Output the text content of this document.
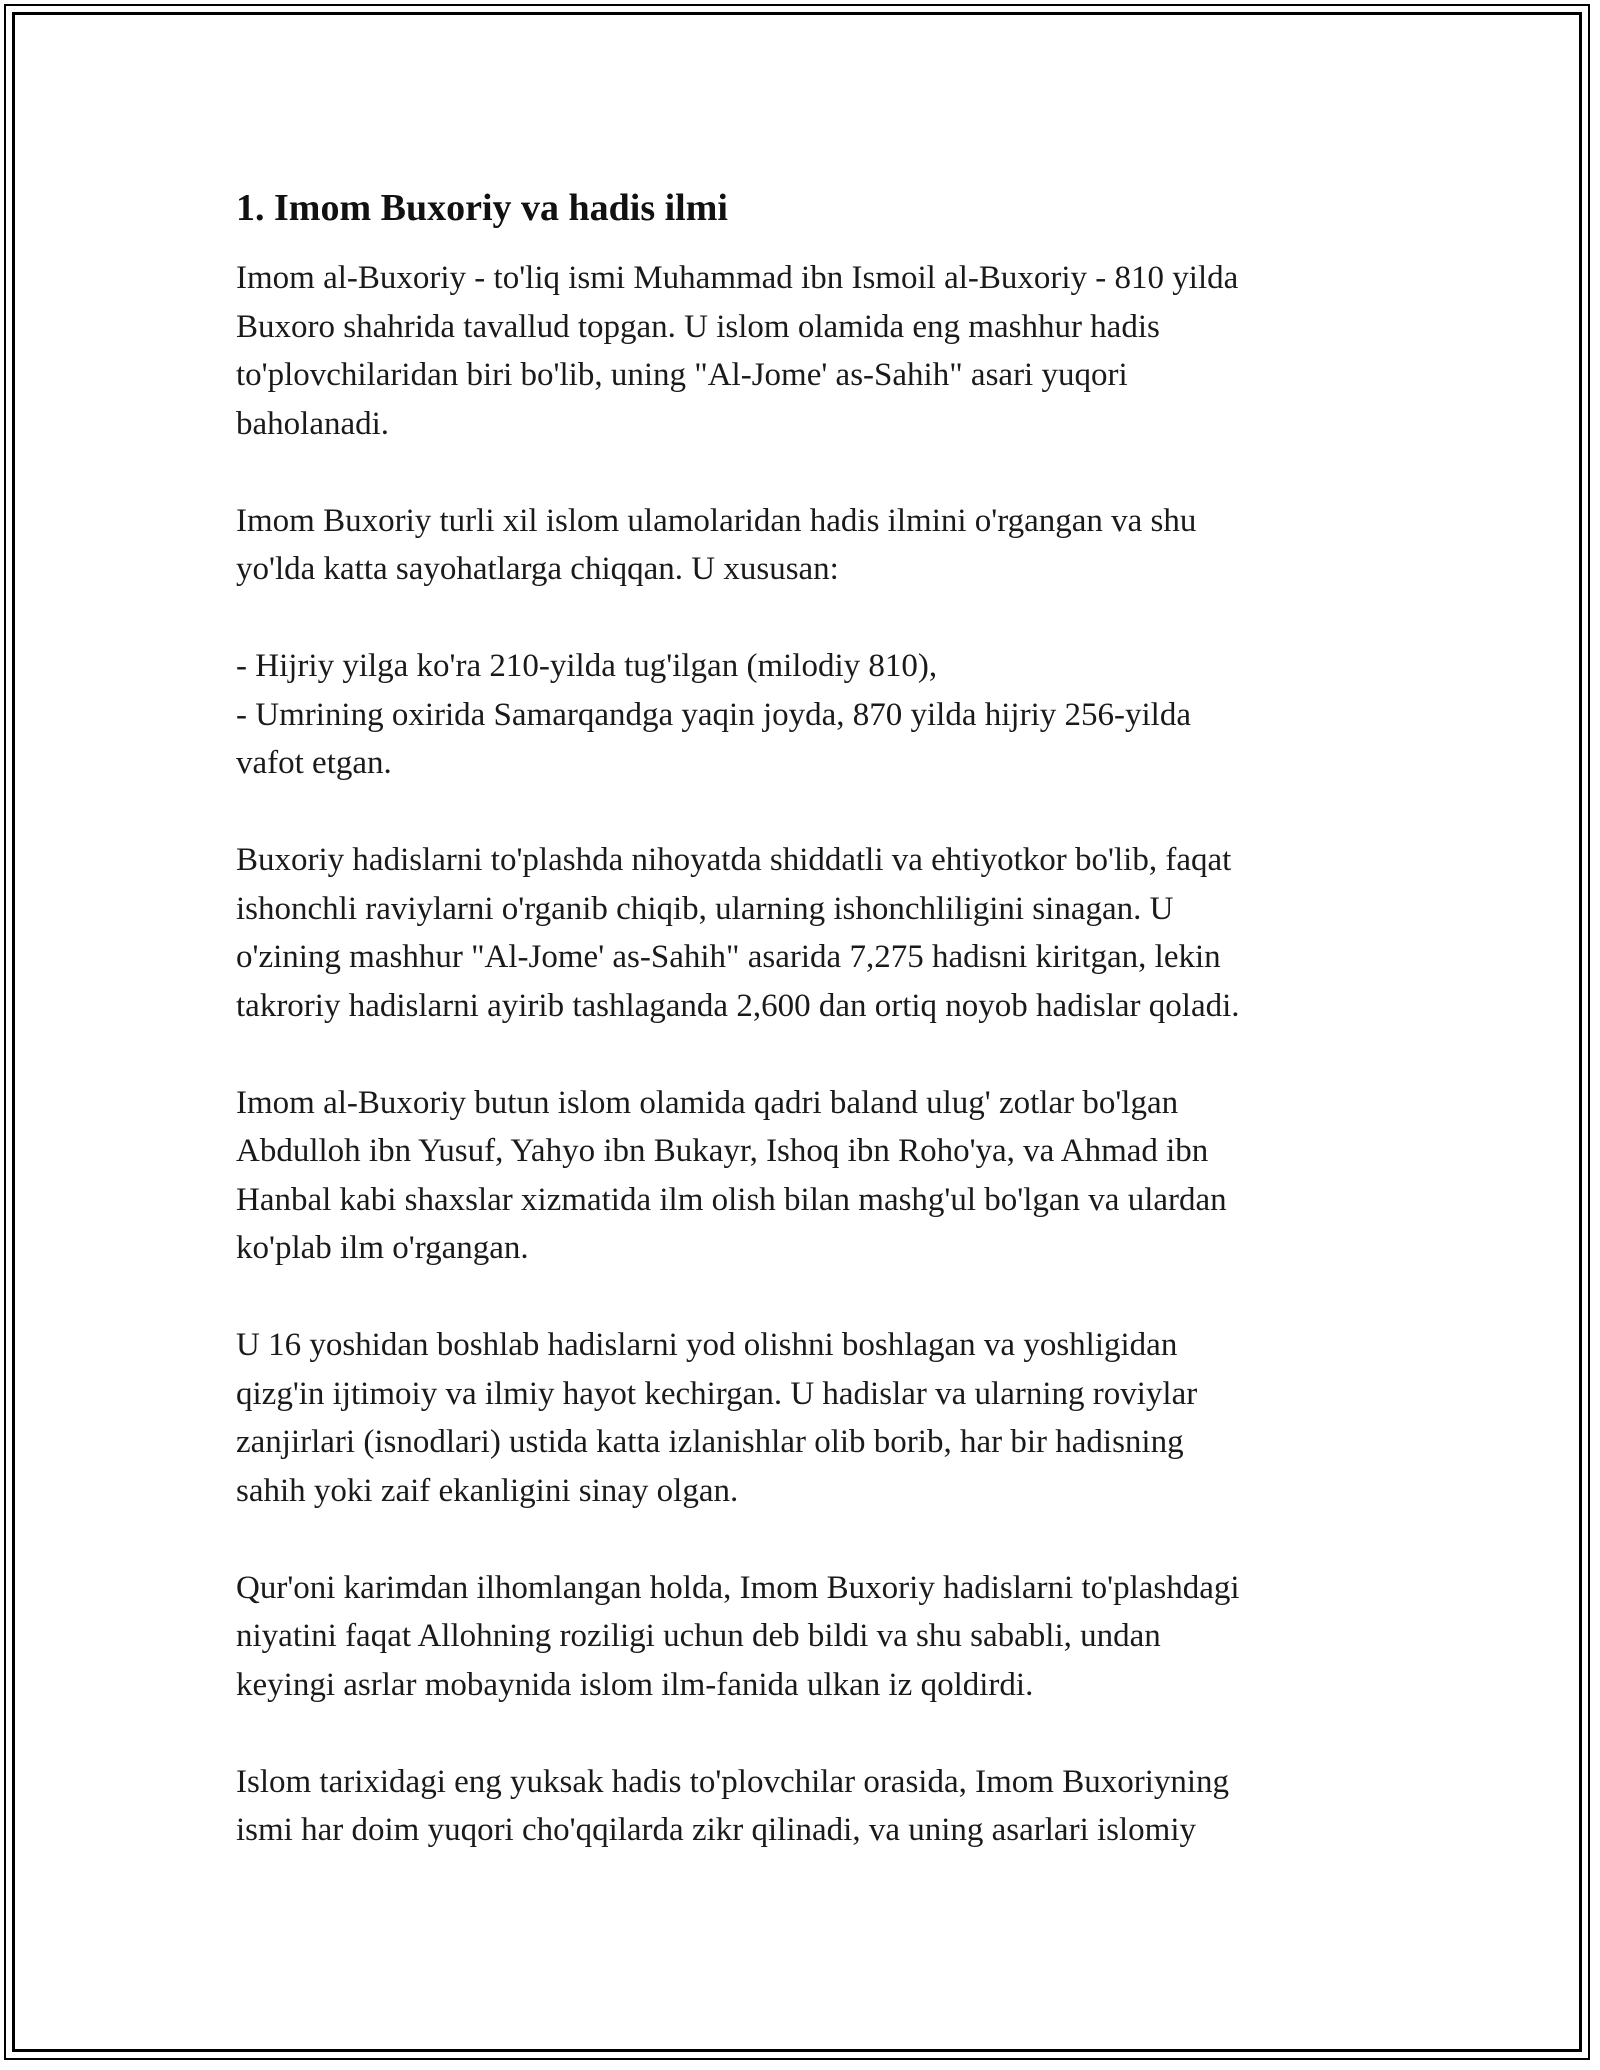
1. Imom Buxoriy va hadis ilmi

Imom al-Buxoriy - to'liq ismi Muhammad ibn Ismoil al-Buxoriy - 810 yilda
Buxoro shahrida tavallud topgan. U islom olamida eng mashhur hadis
to'plovchilaridan biri bo'lib, uning "Al-Jome' as-Sahih" asari yuqori
baholanadi.

Imom Buxoriy turli xil islom ulamolaridan hadis ilmini o'rgangan va shu
yo'lda katta sayohatlarga chiqqan. U xususan:

- Hijriy yilga ko'ra 210-yilda tug'ilgan (milodiy 810),
- Umrining oxirida Samarqandga yaqin joyda, 870 yilda hijriy 256-yilda
vafot etgan.

Buxoriy hadislarni to'plashda nihoyatda shiddatli va ehtiyotkor bo'lib, faqat
ishonchli raviylarni o'rganib chiqib, ularning ishonchliligini sinagan. U
o'zining mashhur "Al-Jome' as-Sahih" asarida 7,275 hadisni kiritgan, lekin
takroriy hadislarni ayirib tashlaganda 2,600 dan ortiq noyob hadislar qoladi.

Imom al-Buxoriy butun islom olamida qadri baland ulug' zotlar bo'lgan
Abdulloh ibn Yusuf, Yahyo ibn Bukayr, Ishoq ibn Roho'ya, va Ahmad ibn
Hanbal kabi shaxslar xizmatida ilm olish bilan mashg'ul bo'lgan va ulardan
ko'plab ilm o'rgangan.

U 16 yoshidan boshlab hadislarni yod olishni boshlagan va yoshligidan
qizg'in ijtimoiy va ilmiy hayot kechirgan. U hadislar va ularning roviylar
zanjirlari (isnodlari) ustida katta izlanishlar olib borib, har bir hadisning
sahih yoki zaif ekanligini sinay olgan.

Qur'oni karimdan ilhomlangan holda, Imom Buxoriy hadislarni to'plashdagi
niyatini faqat Allohning roziligi uchun deb bildi va shu sababli, undan
keyingi asrlar mobaynida islom ilm-fanida ulkan iz qoldirdi.

Islom tarixidagi eng yuksak hadis to'plovchilar orasida, Imom Buxoriyning
ismi har doim yuqori cho'qqilarda zikr qilinadi, va uning asarlari islomiy
